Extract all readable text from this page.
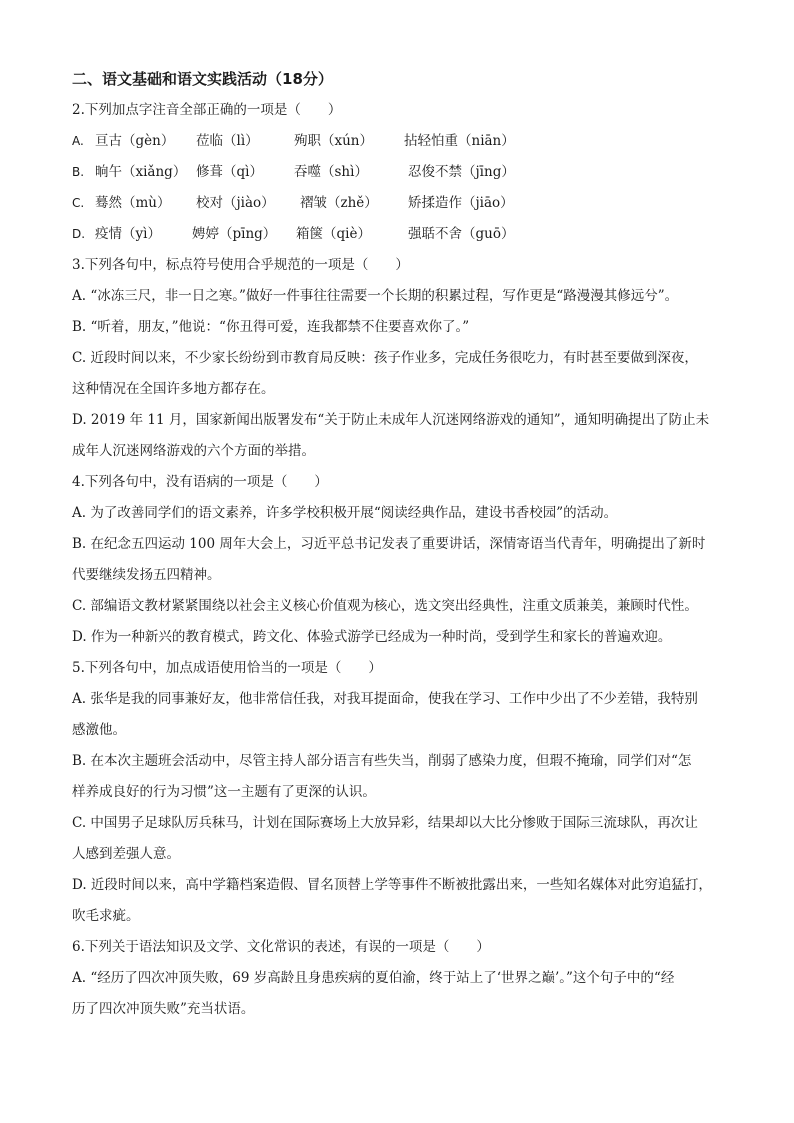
二、语文基础和语文实践活动（18分）
2.下列加点字注音全部正确的一项是（　　）
A. 亘古（gèn） 莅临（lì）	殉职（xún） 拈轻怕重（niān）
B. 晌午（xiǎng） 修葺（qì） 吞噬（shì）	忍俊不禁（jīng）
C. 蓦然（mù） 校对（jiào） 褶皱（zhě） 矫揉造作（jiāo）
D. 疫情（yì） 娉婷（pīng） 箱箧（qiè）	强聒不舍（guō）
3.下列各句中，标点符号使用合乎规范的一项是（　　）
A. “冰冻三尺，非一日之寒。”做好一件事往往需要一个长期的积累过程，写作更是“路漫漫其修远兮”。
B. “听着，朋友，”他说：“你丑得可爱，连我都禁不住要喜欢你了。”
C. 近段时间以来，不少家长纷纷到市教育局反映：孩子作业多，完成任务很吃力，有时甚至要做到深夜，
这种情况在全国许多地方都存在。
D. 2019 年 11 月，国家新闻出版署发布“关于防止未成年人沉迷网络游戏的通知”，通知明确提出了防止未
成年人沉迷网络游戏的六个方面的举措。
4.下列各句中，没有语病的一项是（　　）
A. 为了改善同学们的语文素养，许多学校积极开展“阅读经典作品，建设书香校园”的活动。
B. 在纪念五四运动 100 周年大会上，习近平总书记发表了重要讲话，深情寄语当代青年，明确提出了新时
代要继续发扬五四精神。
C. 部编语文教材紧紧围绕以社会主义核心价值观为核心，选文突出经典性，注重文质兼美，兼顾时代性。
D. 作为一种新兴的教育模式，跨文化、体验式游学已经成为一种时尚，受到学生和家长的普遍欢迎。
5.下列各句中，加点成语使用恰当的一项是（　　）
A. 张华是我的同事兼好友，他非常信任我，对我耳提面命，使我在学习、工作中少出了不少差错，我特别
感激他。
B. 在本次主题班会活动中，尽管主持人部分语言有些失当，削弱了感染力度，但瑕不掩瑜，同学们对“怎
样养成良好的行为习惯”这一主题有了更深的认识。
C. 中国男子足球队厉兵秣马，计划在国际赛场上大放异彩，结果却以大比分惨败于国际三流球队，再次让
人感到差强人意。
D. 近段时间以来，高中学籍档案造假、冒名顶替上学等事件不断被批露出来，一些知名媒体对此穷追猛打，
吹毛求疵。
6.下列关于语法知识及文学、文化常识的表述，有误的一项是（　　）
A. “经历了四次冲顶失败，69 岁高龄且身患疾病的夏伯渝，终于站上了‘世界之巅’。”这个句子中的“经
历了四次冲顶失败”充当状语。
